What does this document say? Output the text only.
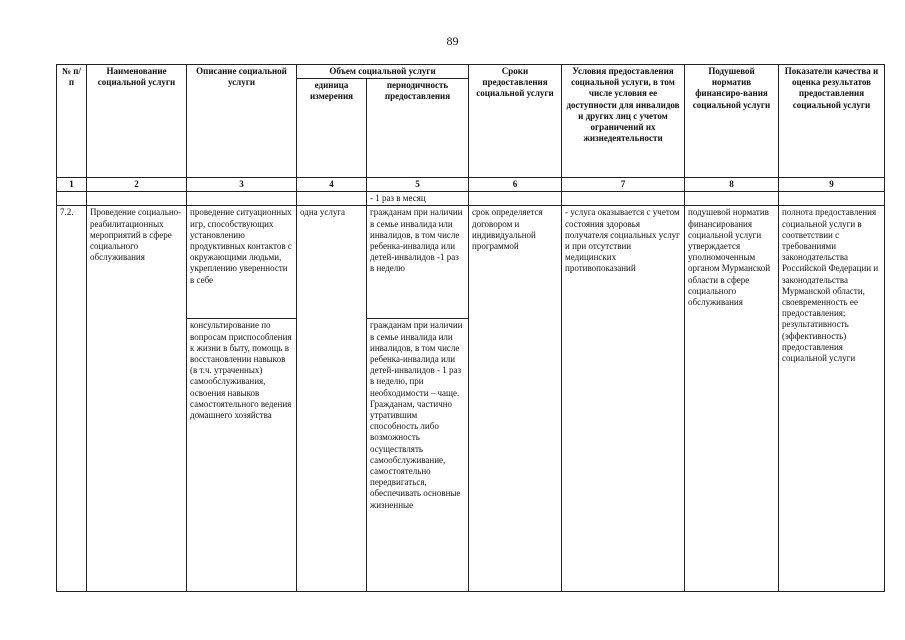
89
№ п/п	Наименование социальной услуги	Описание социальной услуги	Объем социальной услуги		Сроки предоставления социальной услуги	Условия предоставления социальной услуги, в том числе условия ее доступности для инвалидов и других лиц с учетом ограничений их жизнедеятельности	Подушевой норматив финансиро-вания социальной услуги	Показатели качества и оценка результатов предоставления социальной услуги
			единица измерения	периодичность предоставления				
1	2	3	4	5	6	7	8	9
				- 1 раз в месяц				
7.2.	Проведение социально-реабилитационных мероприятий в сфере социального обслуживания	проведение ситуационных игр, способствующих установлению продуктивных контактов с окружающими людьми, укреплению уверенности в себе	одна услуга	гражданам при наличии в семье инвалида или инвалидов, в том числе ребенка-инвалида или детей-инвалидов -1 раз в неделю	срок определяется договором и индивидуальной программой	- услуга оказывается с учетом состояния здоровья получателя социальных услуг и при отсутствии медицинских противопоказаний	подушевой норматив финансирования социальной услуги утверждается уполномоченным органом Мурманской области в сфере социального обслуживания	полнота предоставления социальной услуги в соответствии с требованиями законодательства Российской Федерации и законодательства Мурманской области, своевременность ее предоставления; результативность (эффективность) предоставления социальной услуги
		консультирование по вопросам приспособления к жизни в быту, помощь в восстановлении навыков (в т.ч. утраченных) самообслуживания, освоения навыков самостоятельного ведения домашнего хозяйства		гражданам при наличии в семье инвалида или инвалидов, в том числе ребенка-инвалида или детей-инвалидов - 1 раз в неделю, при необходимости – чаще. Гражданам, частично утратившим способность либо возможность осуществлять самообслуживание, самостоятельно передвигаться, обеспечивать основные жизненные				
